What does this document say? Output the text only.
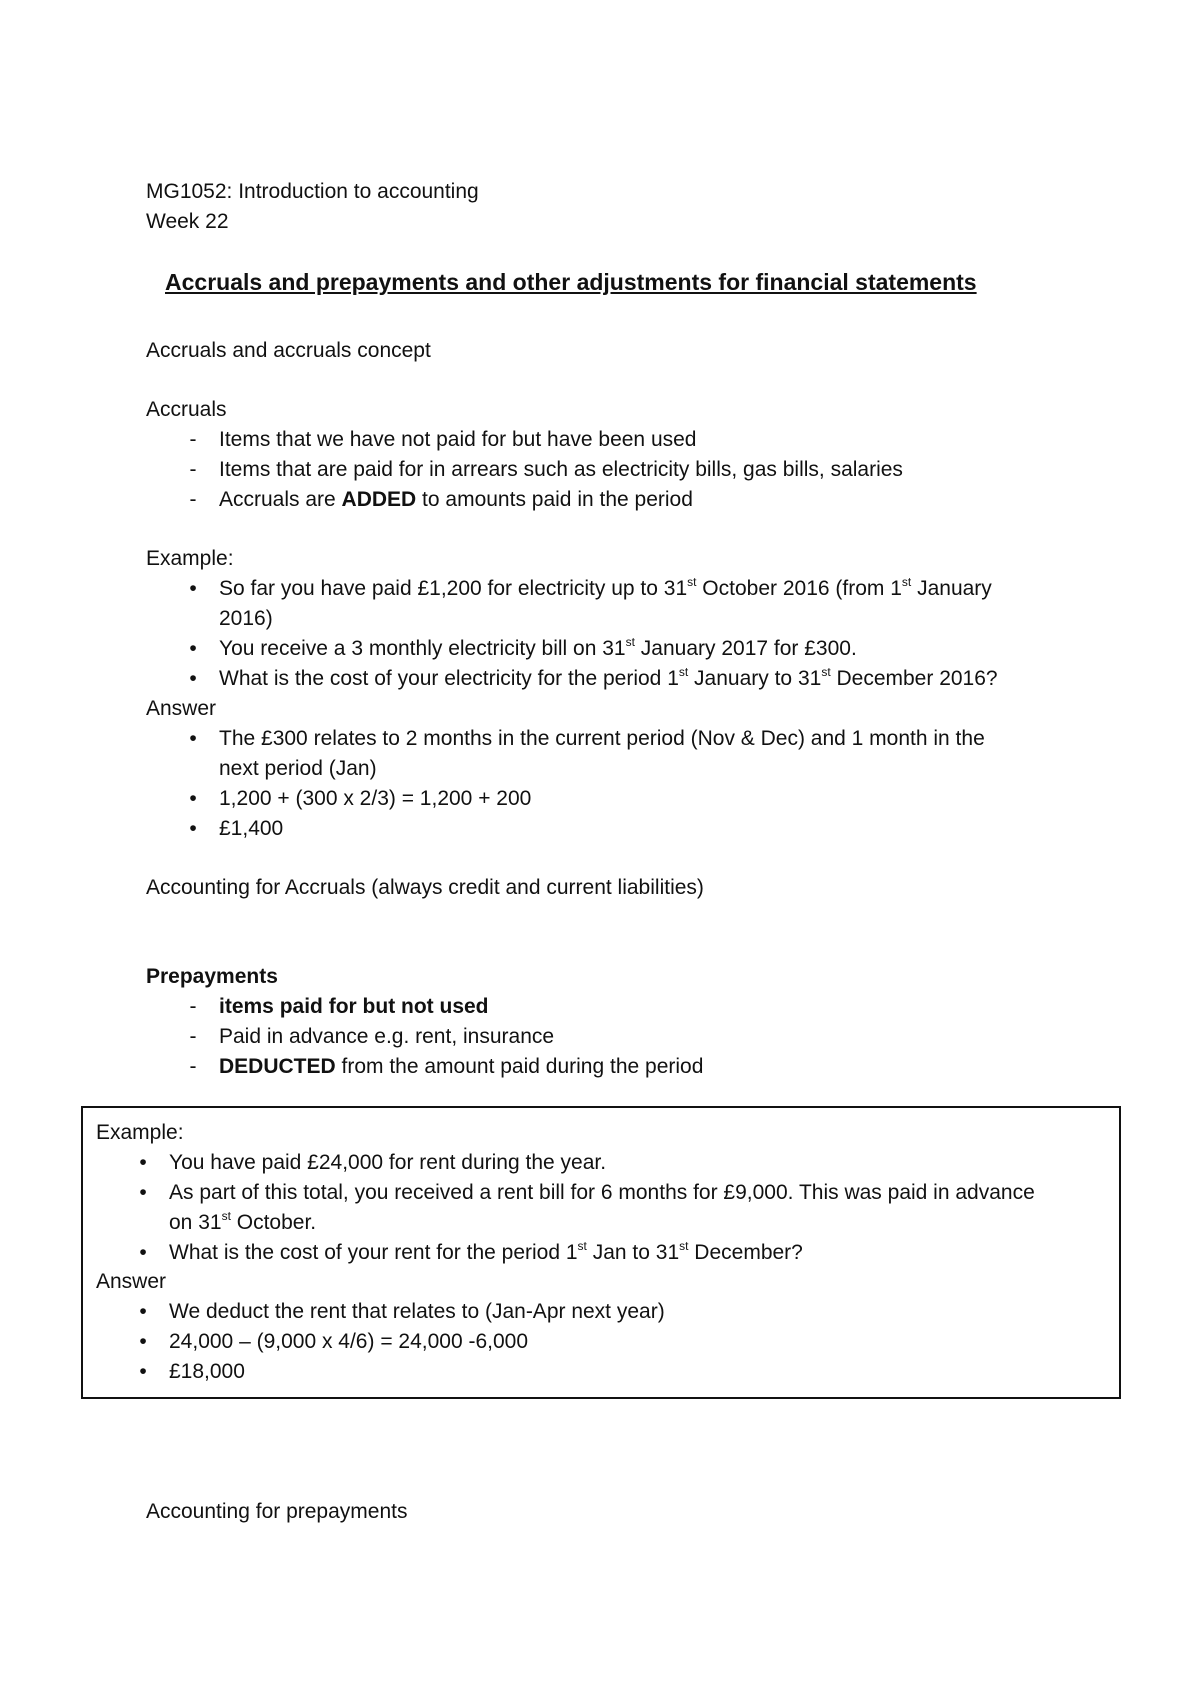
MG1052: Introduction to accounting
Week 22
Accruals and prepayments and other adjustments for financial statements
Accruals and accruals concept
Accruals
-	Items that we have not paid for but have been used
-	Items that are paid for in arrears such as electricity bills, gas bills, salaries
-	Accruals are ADDED to amounts paid in the period
Example:
•	So far you have paid £1,200 for electricity up to 31st October 2016 (from 1st January
2016)
•	You receive a 3 monthly electricity bill on 31st January 2017 for £300.
•	What is the cost of your electricity for the period 1st January to 31st December 2016?
Answer
•	The £300 relates to 2 months in the current period (Nov & Dec) and 1 month in the
next period (Jan)
•	1,200 + (300 x 2/3) = 1,200 + 200
•	£1,400
Accounting for Accruals (always credit and current liabilities)
Prepayments
-	items paid for but not used
-	Paid in advance e.g. rent, insurance
-	DEDUCTED from the amount paid during the period
Example:
•	You have paid £24,000 for rent during the year.
•	As part of this total, you received a rent bill for 6 months for £9,000. This was paid in advance
on 31st October.
•	What is the cost of your rent for the period 1st Jan to 31st December?
Answer
•	We deduct the rent that relates to (Jan-Apr next year)
•	24,000 – (9,000 x 4/6) = 24,000 -6,000
•	£18,000
Accounting for prepayments
